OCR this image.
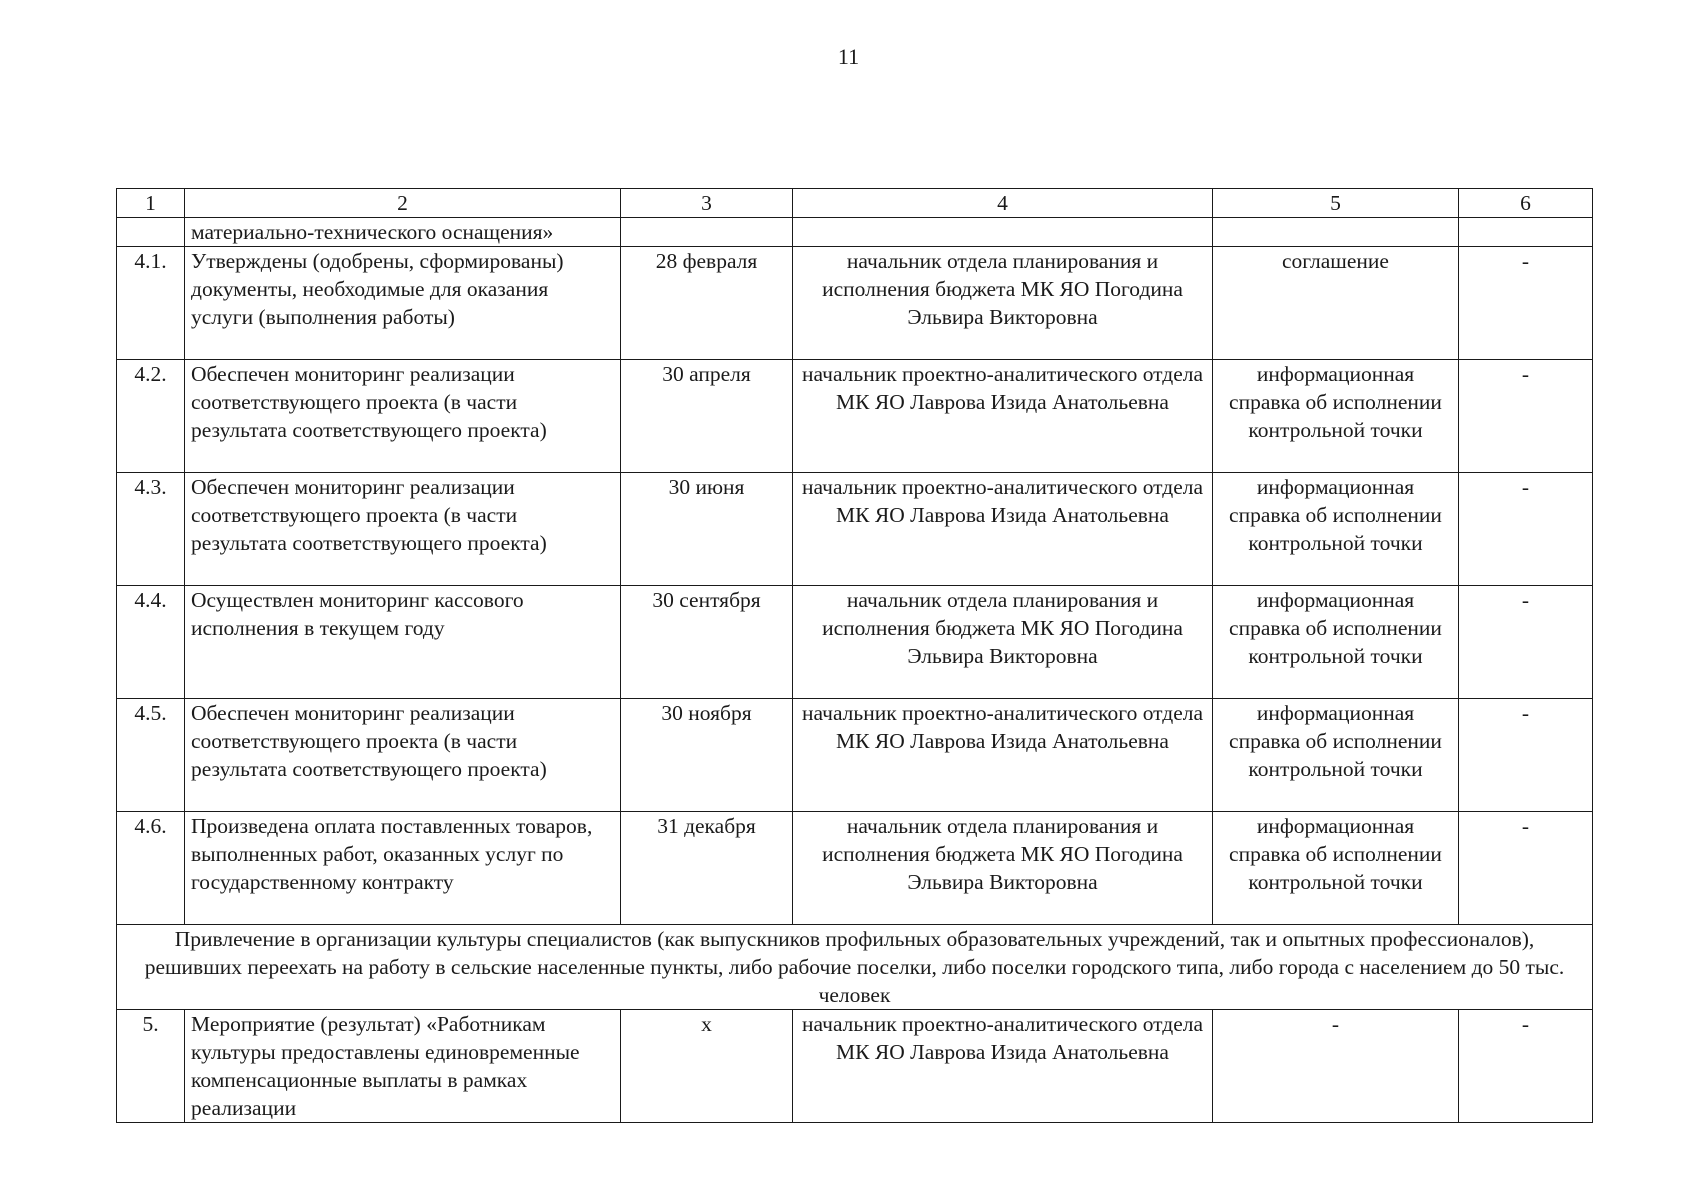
11
1	2	3	4	5	6
	материально-технического оснащения»				
4.1.	Утверждены (одобрены, сформированы) документы, необходимые для оказания услуги (выполнения работы)	28 февраля	начальник отдела планирования и исполнения бюджета МК ЯО Погодина Эльвира Викторовна	соглашение	-
4.2.	Обеспечен мониторинг реализации соответствующего проекта (в части результата соответствующего проекта)	30 апреля	начальник проектно-аналитического отдела МК ЯО Лаврова Изида Анатольевна	информационная справка об исполнении контрольной точки	-
4.3.	Обеспечен мониторинг реализации соответствующего проекта (в части результата соответствующего проекта)	30 июня	начальник проектно-аналитического отдела МК ЯО Лаврова Изида Анатольевна	информационная справка об исполнении контрольной точки	-
4.4.	Осуществлен мониторинг кассового исполнения в текущем году	30 сентября	начальник отдела планирования и исполнения бюджета МК ЯО Погодина Эльвира Викторовна	информационная справка об исполнении контрольной точки	-
4.5.	Обеспечен мониторинг реализации соответствующего проекта (в части результата соответствующего проекта)	30 ноября	начальник проектно-аналитического отдела МК ЯО Лаврова Изида Анатольевна	информационная справка об исполнении контрольной точки	-
4.6.	Произведена оплата поставленных товаров, выполненных работ, оказанных услуг по государственному контракту	31 декабря	начальник отдела планирования и исполнения бюджета МК ЯО Погодина Эльвира Викторовна	информационная справка об исполнении контрольной точки	-
Привлечение в организации культуры специалистов (как выпускников профильных образовательных учреждений, так и опытных профессионалов), решивших переехать на работу в сельские населенные пункты, либо рабочие поселки, либо поселки городского типа, либо города с населением до 50 тыс. человек					
5.	Мероприятие (результат) «Работникам культуры предоставлены единовременные компенсационные выплаты в рамках реализации	х	начальник проектно-аналитического отдела МК ЯО Лаврова Изида Анатольевна	-	-
